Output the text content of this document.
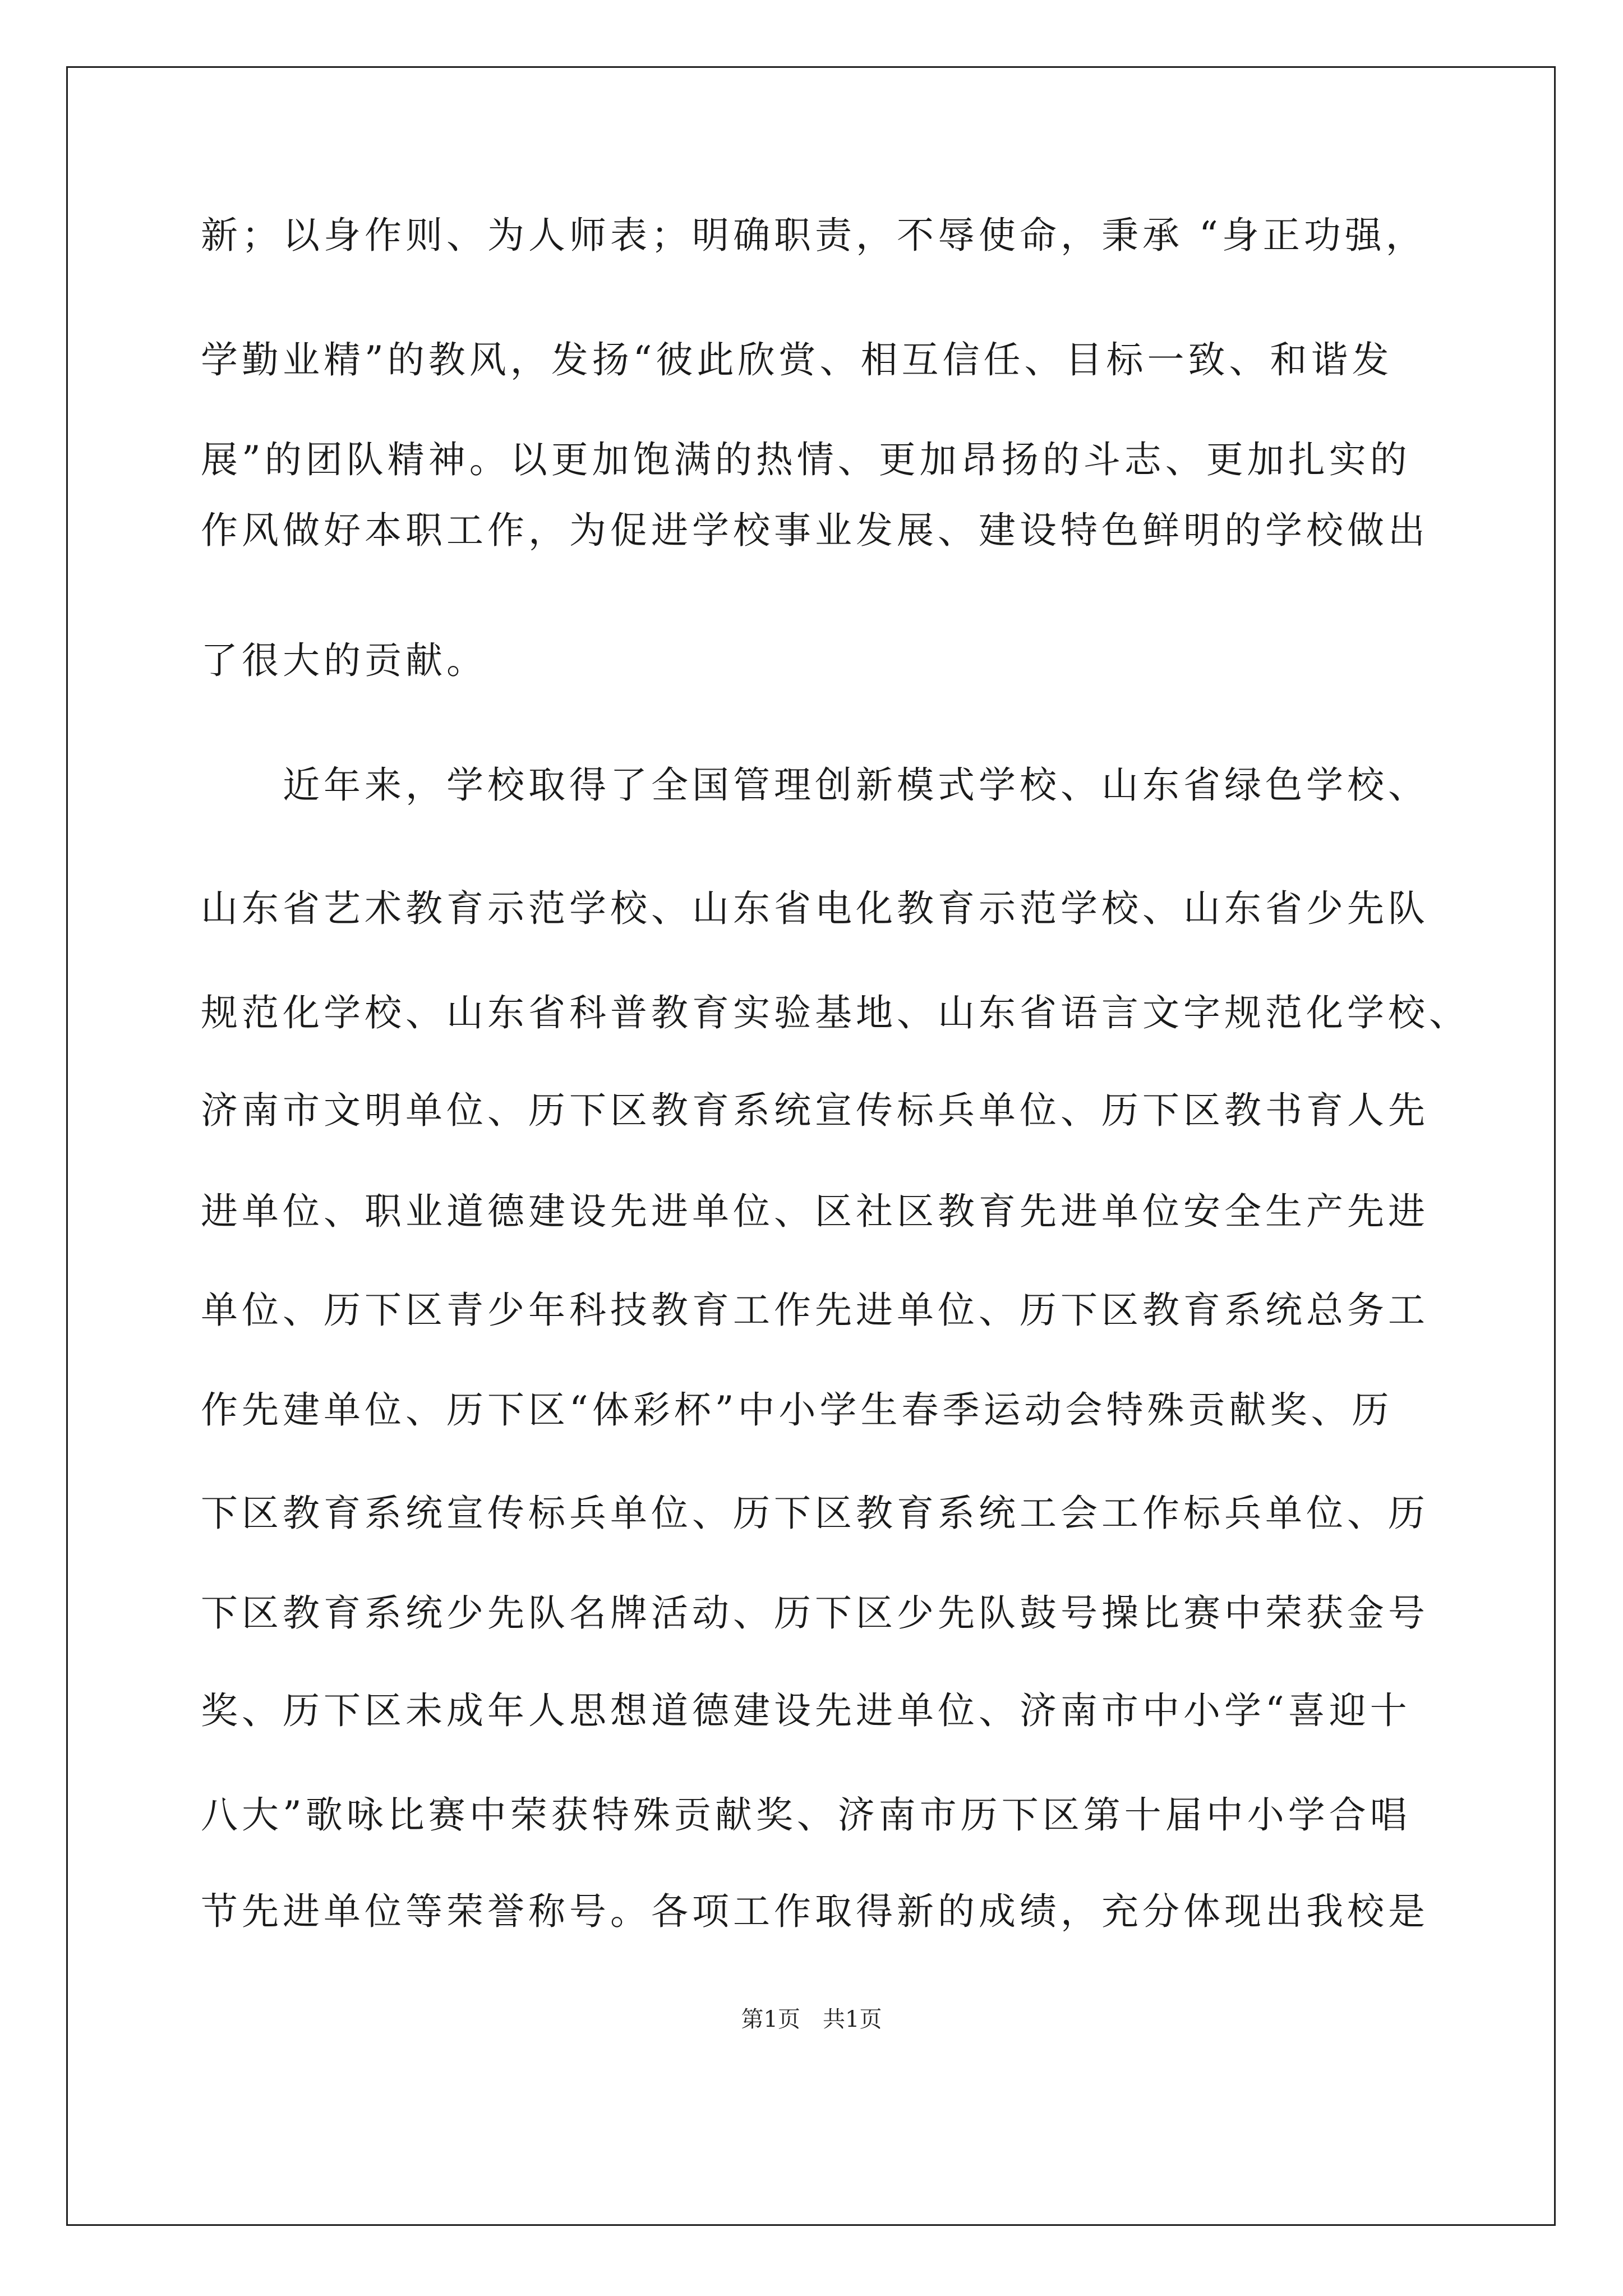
新；以身作则、为人师表；明确职责，不辱使命，秉承 “身正功强，
学勤业精”的教风，发扬“彼此欣赏、相互信任、目标一致、和谐发
展”的团队精神。以更加饱满的热情、更加昂扬的斗志、更加扎实的
作风做好本职工作，为促进学校事业发展、建设特色鲜明的学校做出
了很大的贡献。
　　近年来，学校取得了全国管理创新模式学校、山东省绿色学校、
山东省艺术教育示范学校、山东省电化教育示范学校、山东省少先队
规范化学校、山东省科普教育实验基地、山东省语言文字规范化学校、
济南市文明单位、历下区教育系统宣传标兵单位、历下区教书育人先
进单位、职业道德建设先进单位、区社区教育先进单位安全生产先进
单位、历下区青少年科技教育工作先进单位、历下区教育系统总务工
作先建单位、历下区“体彩杯”中小学生春季运动会特殊贡献奖、历
下区教育系统宣传标兵单位、历下区教育系统工会工作标兵单位、历
下区教育系统少先队名牌活动、历下区少先队鼓号操比赛中荣获金号
奖、历下区未成年人思想道德建设先进单位、济南市中小学“喜迎十
八大”歌咏比赛中荣获特殊贡献奖、济南市历下区第十届中小学合唱
节先进单位等荣誉称号。各项工作取得新的成绩，充分体现出我校是
第1页　共1页
